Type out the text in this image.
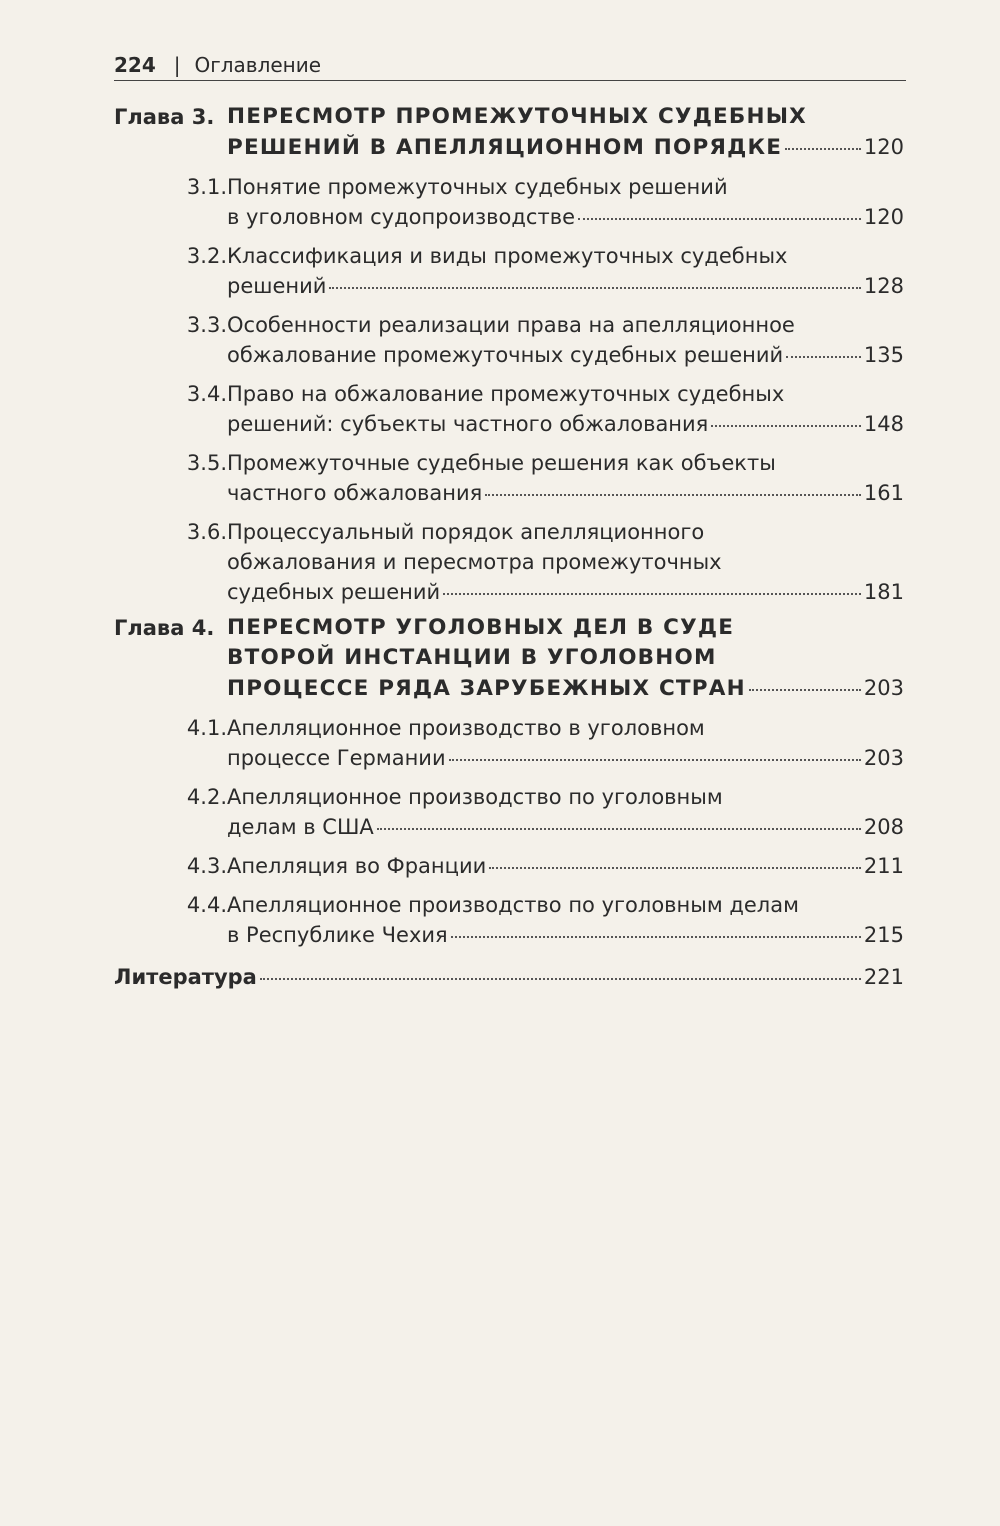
224 | Оглавление
Глава 3. ПЕРЕСМОТР ПРОМЕЖУТОЧНЫХ СУДЕБНЫХ
РЕШЕНИЙ В АПЕЛЛЯЦИОННОМ ПОРЯДКЕ	120
3.1. Понятие промежуточных судебных решений
в уголовном судопроизводстве	120
3.2. Классификация и виды промежуточных судебных
решений	128
3.3. Особенности реализации права на апелляционное
обжалование промежуточных судебных решений	135
3.4. Право на обжалование промежуточных судебных
решений: субъекты частного обжалования	148
3.5. Промежуточные судебные решения как объекты
частного обжалования	161
3.6. Процессуальный порядок апелляционного
обжалования и пересмотра промежуточных
судебных решений	181
Глава 4. ПЕРЕСМОТР УГОЛОВНЫХ ДЕЛ В СУДЕ
ВТОРОЙ ИНСТАНЦИИ В УГОЛОВНОМ
ПРОЦЕССЕ РЯДА ЗАРУБЕЖНЫХ СТРАН	203
4.1. Апелляционное производство в уголовном
процессе Германии	203
4.2. Апелляционное производство по уголовным
делам в США	208
4.3. Апелляция во Франции	211
4.4. Апелляционное производство по уголовным делам
в Республике Чехия	215
Литература	221
